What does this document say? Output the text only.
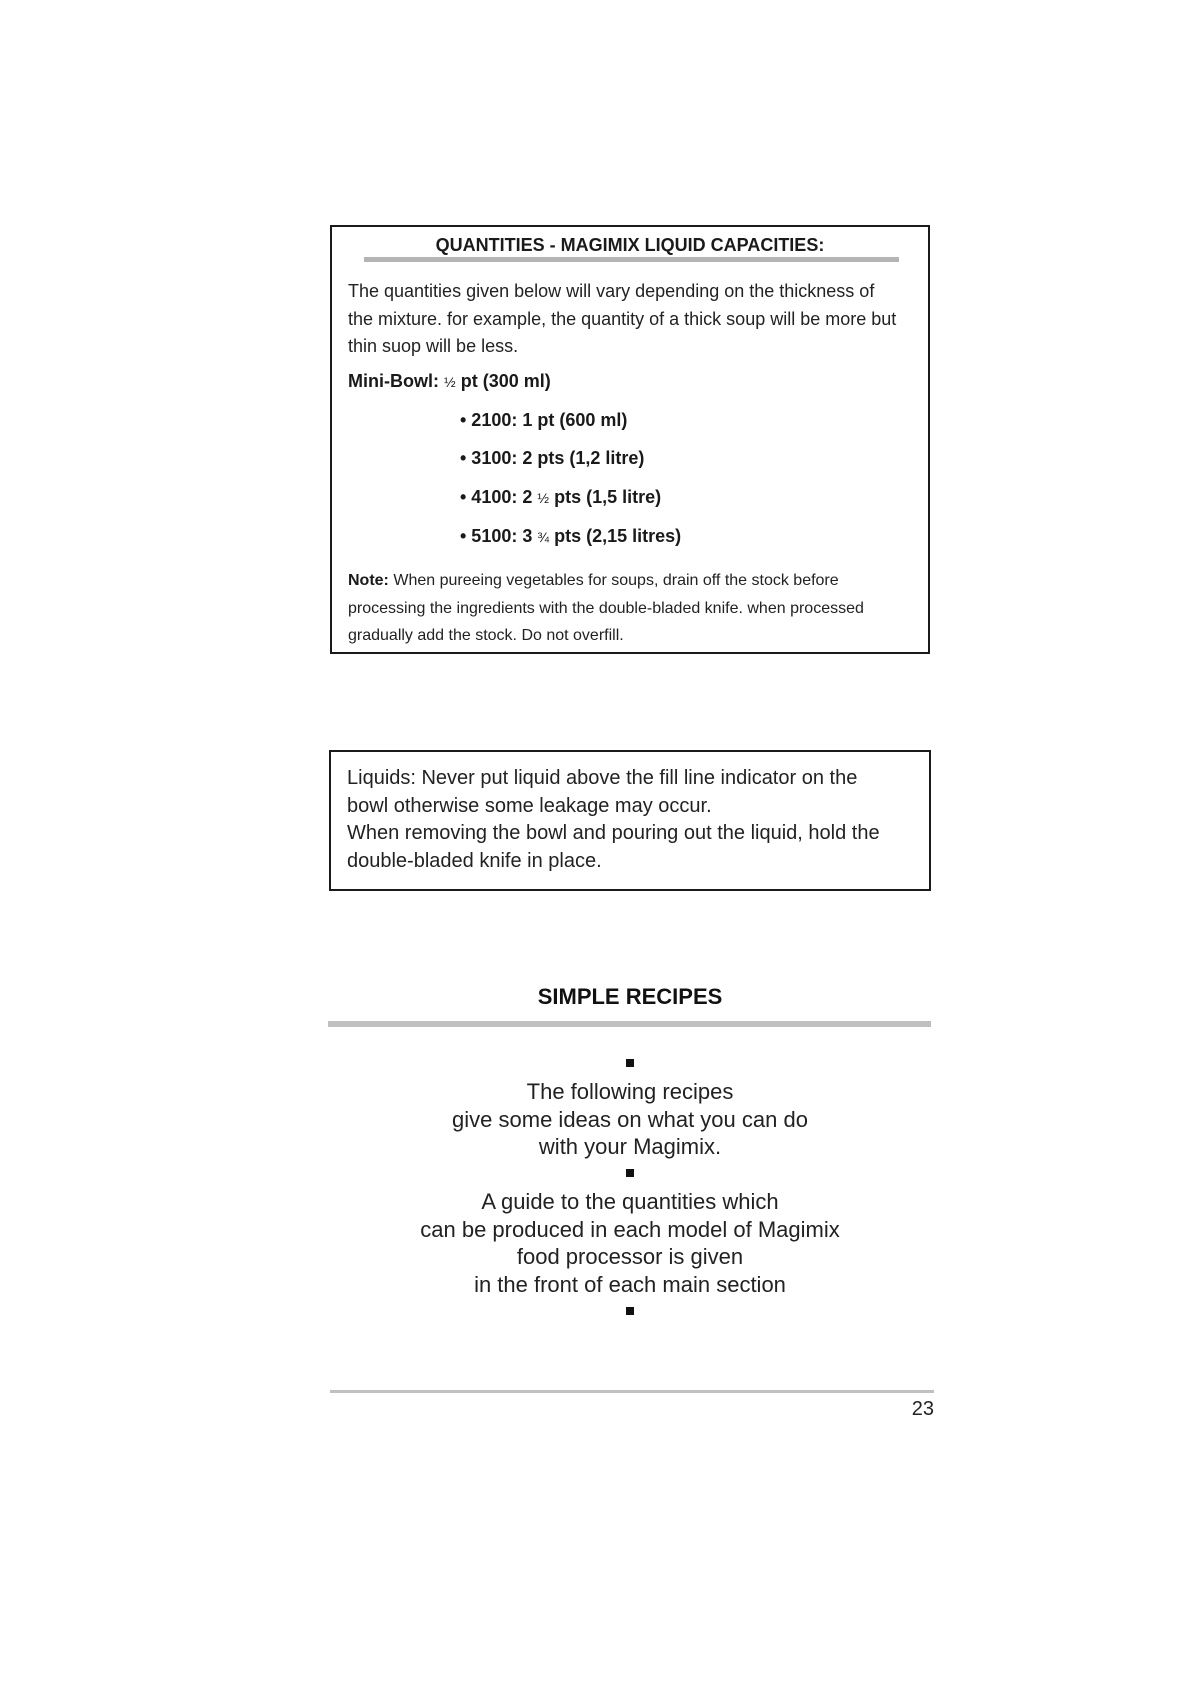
QUANTITIES - MAGIMIX LIQUID CAPACITIES:
The quantities given below will vary depending on the thickness of
the mixture. for example, the quantity of a thick soup will be more but
thin suop will be less.
Mini-Bowl: ½ pt (300 ml)
• 2100: 1 pt (600 ml)
• 3100: 2 pts (1,2 litre)
• 4100: 2 ½ pts (1,5 litre)
• 5100: 3 ¾ pts (2,15 litres)
Note: When pureeing vegetables for soups, drain off the stock before
processing the ingredients with the double-bladed knife. when processed
gradually add the stock. Do not overfill.
Liquids: Never put liquid above the fill line indicator on the
bowl otherwise some leakage may occur.
When removing the bowl and pouring out the liquid, hold the
double-bladed knife in place.
SIMPLE RECIPES
The following recipes
give some ideas on what you can do
with your Magimix.
A guide to the quantities which
can be produced in each model of Magimix
food processor is given
in the front of each main section
23
